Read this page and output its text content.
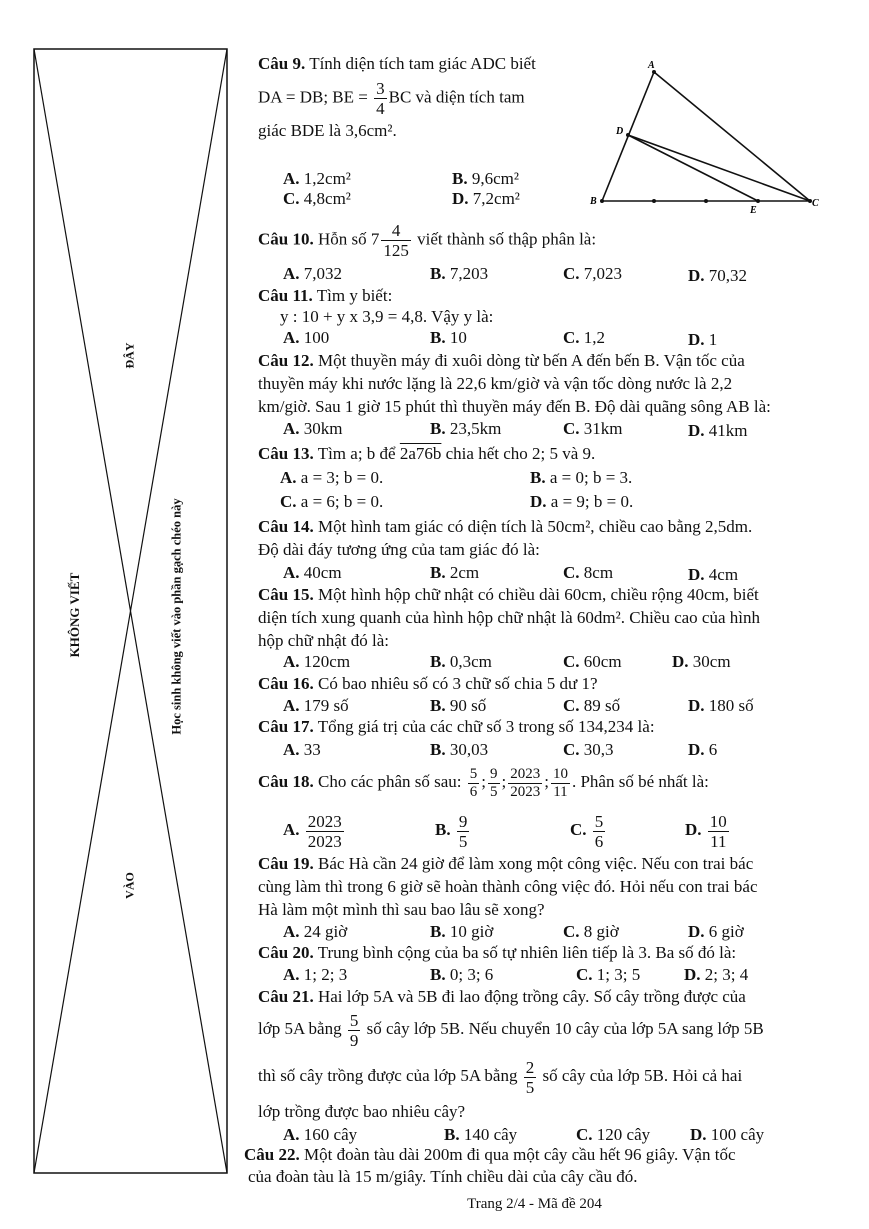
ĐÂY
KHÔNG VIẾT	Học sinh không viết vào phần gạch chéo này
VÀO
A
D
B	C
E
Câu 9. Tính diện tích tam giác ADC biết
DA = DB; BE = $\frac{3}{4}$ BC và diện tích tam
giác BDE là 3,6cm².
A. 1,2cm²	B. 9,6cm²
C. 4,8cm²	D. 7,2cm²
Câu 10. Hỗn số $7 \frac{4}{125}$ viết thành số thập phân là:
A. 7,032	B. 7,203	C. 7,023	D. 70,32
Câu 11. Tìm y biết:
y : 10 + y x 3,9 = 4,8. Vậy y là:
A. 100	B. 10	C. 1,2	D. 1
Câu 12. Một thuyền máy đi xuôi dòng từ bến A đến bến B. Vận tốc của
thuyền máy khi nước lặng là 22,6 km/giờ và vận tốc dòng nước là 2,2
km/giờ. Sau 1 giờ 15 phút thì thuyền máy đến B. Độ dài quãng sông AB là:
A. 30km	B. 23,5km	C. 31km	D. 41km
Câu 13. Tìm a; b để 2a76b chia hết cho 2; 5 và 9.
A. a = 3; b = 0.	B. a = 0; b = 3.
C. a = 6; b = 0.	D. a = 9; b = 0.
Câu 14. Một hình tam giác có diện tích là 50cm², chiều cao bằng 2,5dm.
Độ dài đáy tương ứng của tam giác đó là:
A. 40cm	B. 2cm	C. 8cm	D. 4cm
Câu 15. Một hình hộp chữ nhật có chiều dài 60cm, chiều rộng 40cm, biết
diện tích xung quanh của hình hộp chữ nhật là 60dm². Chiều cao của hình
hộp chữ nhật đó là:
A. 120cm	B. 0,3cm	C. 60cm	D. 30cm
Câu 16. Có bao nhiêu số có 3 chữ số chia 5 dư 1?
A. 179 số	B. 90 số	C. 89 số	D. 180 số
Câu 17. Tổng giá trị của các chữ số 3 trong số 134,234 là:
A. 33	B. 30,03	C. 30,3	D. 6
Câu 18. Cho các phân số sau: $\frac{5}{6}$ ; $\frac{9}{5}$ ; $\frac{2023}{2023}$ ; $\frac{10}{11}$ . Phân số bé nhất là:
A. $\frac{2023}{2023}$	B. $\frac{9}{5}$	C. $\frac{5}{6}$	D. $\frac{10}{11}$
Câu 19. Bác Hà cần 24 giờ để làm xong một công việc. Nếu con trai bác
cùng làm thì trong 6 giờ sẽ hoàn thành công việc đó. Hỏi nếu con trai bác
Hà làm một mình thì sau bao lâu sẽ xong?
A. 24 giờ	B. 10 giờ	C. 8 giờ	D. 6 giờ
Câu 20. Trung bình cộng của ba số tự nhiên liên tiếp là 3. Ba số đó là:
A. 1; 2; 3	B. 0; 3; 6	C. 1; 3; 5	D. 2; 3; 4
Câu 21. Hai lớp 5A và 5B đi lao động trồng cây. Số cây trồng được của
lớp 5A bằng $\frac{5}{9}$ số cây lớp 5B. Nếu chuyển 10 cây của lớp 5A sang lớp 5B
thì số cây trồng được của lớp 5A bằng $\frac{2}{5}$ số cây của lớp 5B. Hỏi cả hai
lớp trồng được bao nhiêu cây?
A. 160 cây	B. 140 cây	C. 120 cây D. 100 cây
Câu 22. Một đoàn tàu dài 200m đi qua một cây cầu hết 96 giây. Vận tốc
của đoàn tàu là 15 m/giây. Tính chiều dài của cây cầu đó.
Trang 2/4 - Mã đề 204
